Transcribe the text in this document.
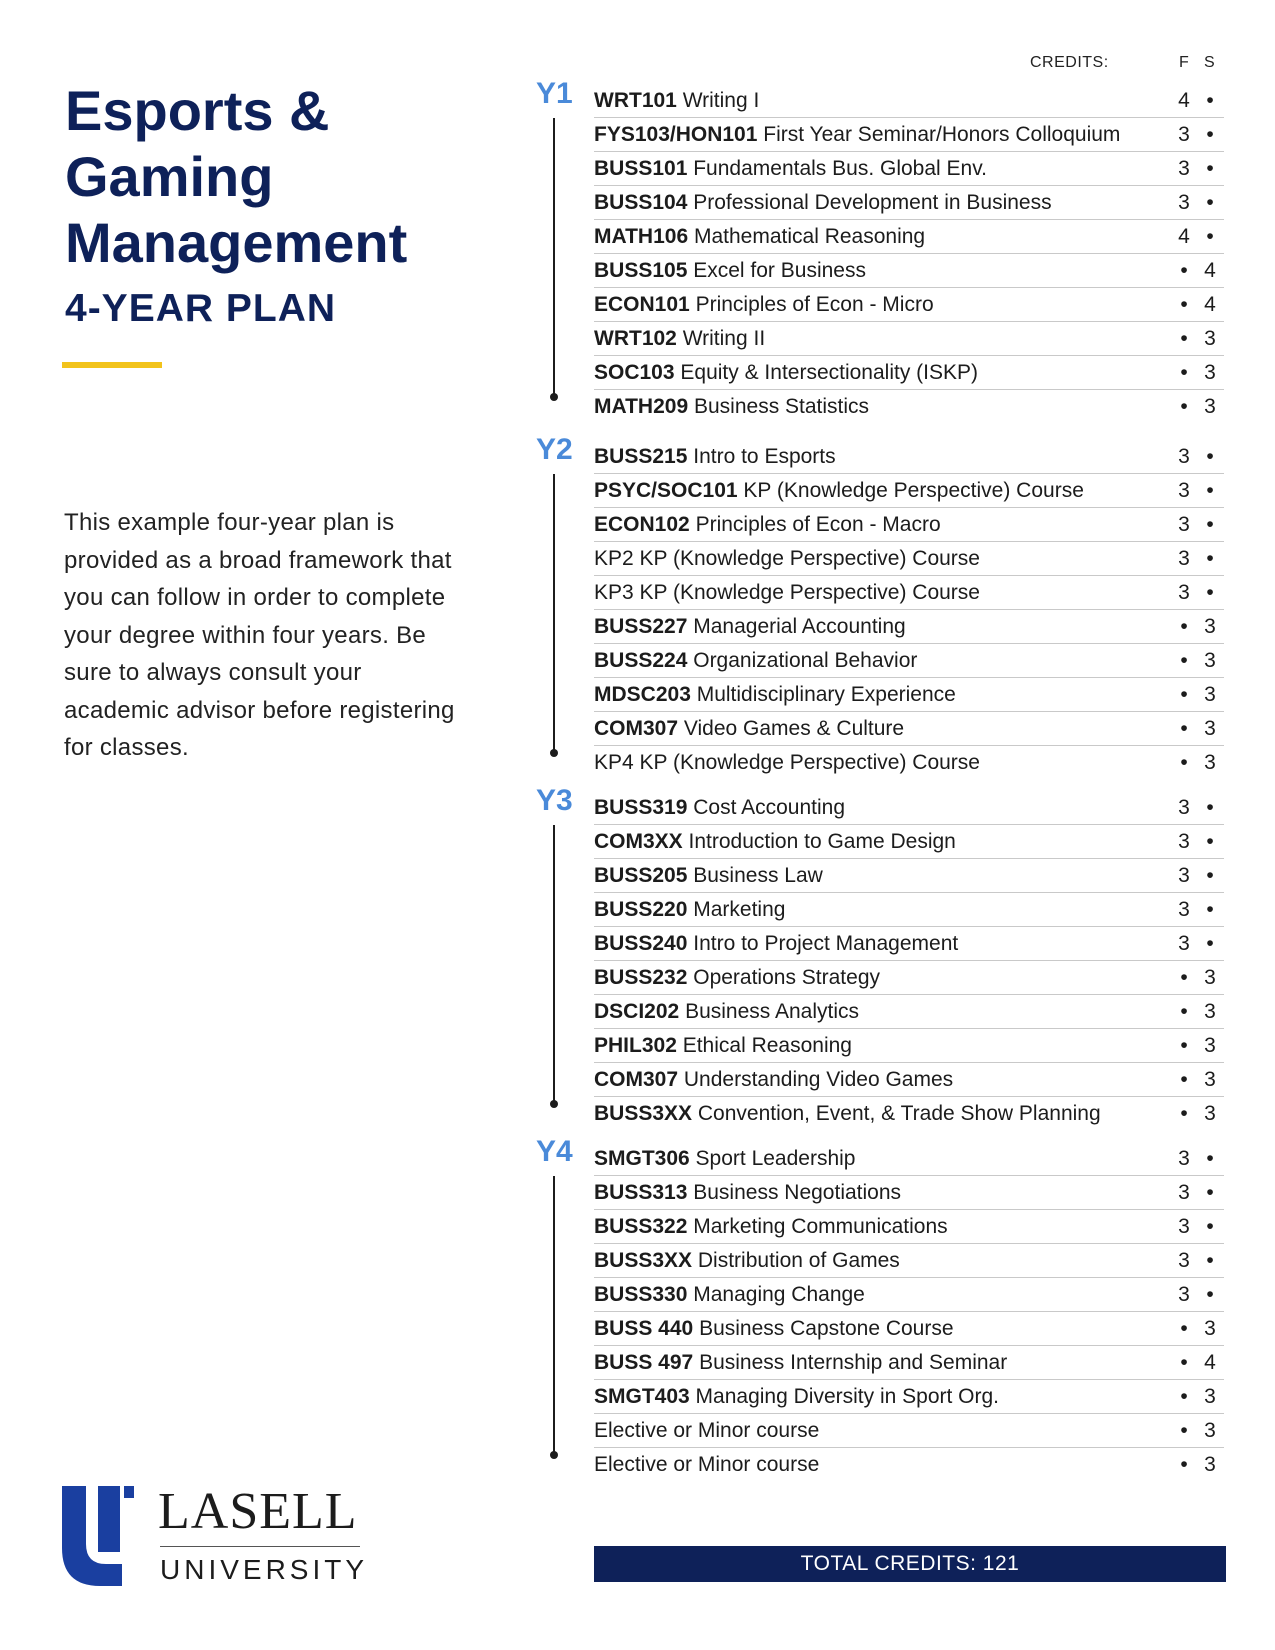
Esports & Gaming Management
4-YEAR PLAN

This example four-year plan is provided as a broad framework that you can follow in order to complete your degree within four years. Be sure to always consult your academic advisor before registering for classes.

CREDITS:	F S
Y1 WRT101 Writing I	4 •
FYS103/HON101 First Year Seminar/Honors Colloquium	3 •
BUSS101 Fundamentals Bus. Global Env.	3 •
BUSS104 Professional Development in Business	3 •
MATH106 Mathematical Reasoning	4 •
BUSS105 Excel for Business	• 4
ECON101 Principles of Econ - Micro	• 4
WRT102 Writing II	• 3
SOC103 Equity & Intersectionality (ISKP)	• 3
MATH209 Business Statistics	• 3
Y2 BUSS215 Intro to Esports	3 •
PSYC/SOC101 KP (Knowledge Perspective) Course	3 •
ECON102 Principles of Econ - Macro	3 •
KP2 KP (Knowledge Perspective) Course	3 •
KP3 KP (Knowledge Perspective) Course	3 •
BUSS227 Managerial Accounting	• 3
BUSS224 Organizational Behavior	• 3
MDSC203 Multidisciplinary Experience	• 3
COM307 Video Games & Culture	• 3
KP4 KP (Knowledge Perspective) Course	• 3
Y3 BUSS319 Cost Accounting	3 •
COM3XX Introduction to Game Design	3 •
BUSS205 Business Law	3 •
BUSS220 Marketing	3 •
BUSS240 Intro to Project Management	3 •
BUSS232 Operations Strategy	• 3
DSCI202 Business Analytics	• 3
PHIL302 Ethical Reasoning	• 3
COM307 Understanding Video Games	• 3
BUSS3XX Convention, Event, & Trade Show Planning	• 3
Y4 SMGT306 Sport Leadership	3 •
BUSS313 Business Negotiations	3 •
BUSS322 Marketing Communications	3 •
BUSS3XX Distribution of Games	3 •
BUSS330 Managing Change	3 •
BUSS 440 Business Capstone Course	• 3
BUSS 497 Business Internship and Seminar	• 4
SMGT403 Managing Diversity in Sport Org.	• 3
Elective or Minor course	• 3
Elective or Minor course	• 3
TOTAL CREDITS: 121
LASELL
UNIVERSITY
